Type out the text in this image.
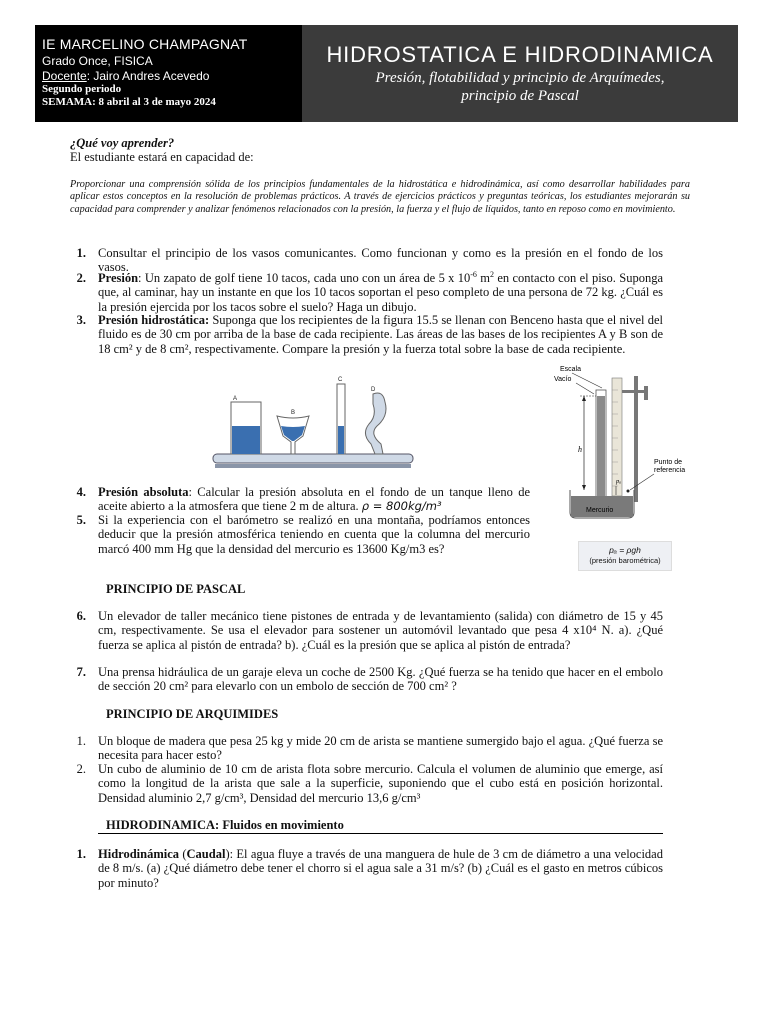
IE MARCELINO CHAMPAGNAT
Grado Once, FISICA
Docente: Jairo Andres Acevedo
Segundo periodo
SEMAMA: 8 abril al 3 de mayo 2024
HIDROSTATICA E HIDRODINAMICA
Presión, flotabilidad y principio de Arquímedes,
principio de Pascal
¿Qué voy aprender?
El estudiante estará en capacidad de:
Proporcionar una comprensión sólida de los principios fundamentales de la hidrostática e hidrodinámica, así como desarrollar habilidades para aplicar estos conceptos en la resolución de problemas prácticos. A través de ejercicios prácticos y preguntas teóricas, los estudiantes mejorarán su capacidad para comprender y analizar fenómenos relacionados con la presión, la fuerza y el flujo de líquidos, tanto en reposo como en movimiento.
1. Consultar el principio de los vasos comunicantes. Como funcionan y como es la presión en el fondo de los vasos.
2. Presión: Un zapato de golf tiene 10 tacos, cada uno con un área de 5 x $10^{-6}$ $m^2$ en contacto con el piso. Suponga que, al caminar, hay un instante en que los 10 tacos soportan el peso completo de una persona de 72 kg. ¿Cuál es la presión ejercida por los tacos sobre el suelo? Haga un dibujo.
3. Presión hidrostática: Suponga que los recipientes de la figura 15.5 se llenan con Benceno hasta que el nivel del fluido es de 30 cm por arriba de la base de cada recipiente. Las áreas de las bases de los recipientes A y B son de 18 cm² y de 8 cm², respectivamente. Compare la presión y la fuerza total sobre la base de cada recipiente.
A
B
C
D
Escala
Vacío
h
Mercurio
pₐ
Punto de
referencia
pₐ = ρgh
(presión barométrica)
4. Presión absoluta: Calcular la presión absoluta en el fondo de un tanque lleno de aceite abierto a la atmosfera que tiene 2 m de altura. ρ = 800kg/m³
5. Si la experiencia con el barómetro se realizó en una montaña, podríamos entonces deducir que la presión atmosférica teniendo en cuenta que la columna del mercurio marcó 400 mm Hg que la densidad del mercurio es 13600 Kg/m3 es?
PRINCIPIO DE PASCAL
6. Un elevador de taller mecánico tiene pistones de entrada y de levantamiento (salida) con diámetro de 15 y 45 cm, respectivamente. Se usa el elevador para sostener un automóvil levantado que pesa 4 x10⁴ N. a). ¿Qué fuerza se aplica al pistón de entrada? b). ¿Cuál es la presión que se aplica al pistón de entrada?
7. Una prensa hidráulica de un garaje eleva un coche de 2500 Kg. ¿Qué fuerza se ha tenido que hacer en el embolo de sección 20 cm² para elevarlo con un embolo de sección de 700 cm² ?
PRINCIPIO DE ARQUIMIDES
1. Un bloque de madera que pesa 25 kg y mide 20 cm de arista se mantiene sumergido bajo el agua. ¿Qué fuerza se necesita para hacer esto?
2. Un cubo de aluminio de 10 cm de arista flota sobre mercurio. Calcula el volumen de aluminio que emerge, así como la longitud de la arista que sale a la superficie, suponiendo que el cubo está en posición horizontal. Densidad aluminio 2,7 g/cm³, Densidad del mercurio 13,6 g/cm³
HIDRODINAMICA: Fluidos en movimiento
1. Hidrodinámica (Caudal): El agua fluye a través de una manguera de hule de 3 cm de diámetro a una velocidad de 8 m/s. (a) ¿Qué diámetro debe tener el chorro si el agua sale a 31 m/s? (b) ¿Cuál es el gasto en metros cúbicos por minuto?
